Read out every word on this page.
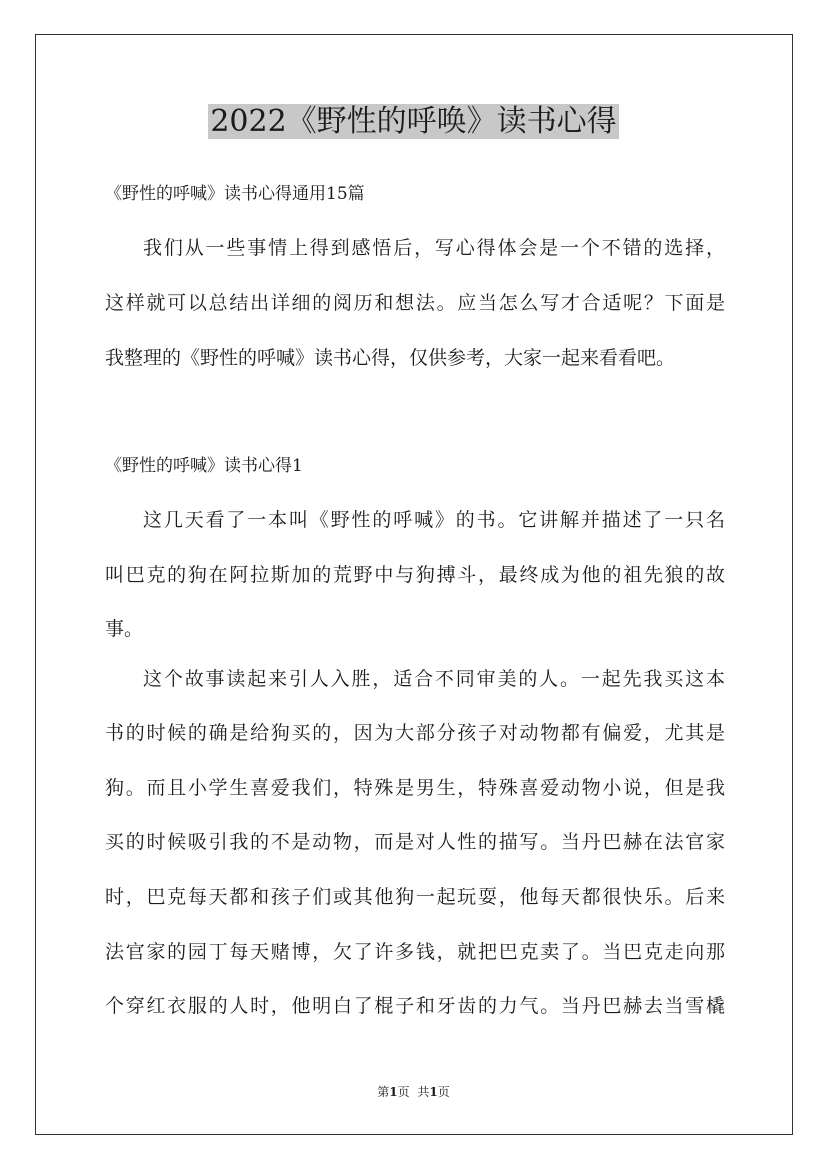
2022《野性的呼唤》读书心得
《野性的呼喊》读书心得通用15篇
我们从一些事情上得到感悟后，写心得体会是一个不错的选择，
这样就可以总结出详细的阅历和想法。应当怎么写才合适呢？下面是
我整理的《野性的呼喊》读书心得，仅供参考，大家一起来看看吧。
《野性的呼喊》读书心得1
这几天看了一本叫《野性的呼喊》的书。它讲解并描述了一只名
叫巴克的狗在阿拉斯加的荒野中与狗搏斗，最终成为他的祖先狼的故
事。
这个故事读起来引人入胜，适合不同审美的人。一起先我买这本
书的时候的确是给狗买的，因为大部分孩子对动物都有偏爱，尤其是
狗。而且小学生喜爱我们，特殊是男生，特殊喜爱动物小说，但是我
买的时候吸引我的不是动物，而是对人性的描写。当丹巴赫在法官家
时，巴克每天都和孩子们或其他狗一起玩耍，他每天都很快乐。后来
法官家的园丁每天赌博，欠了许多钱，就把巴克卖了。当巴克走向那
个穿红衣服的人时，他明白了棍子和牙齿的力气。当丹巴赫去当雪橇
第1页 共1页
